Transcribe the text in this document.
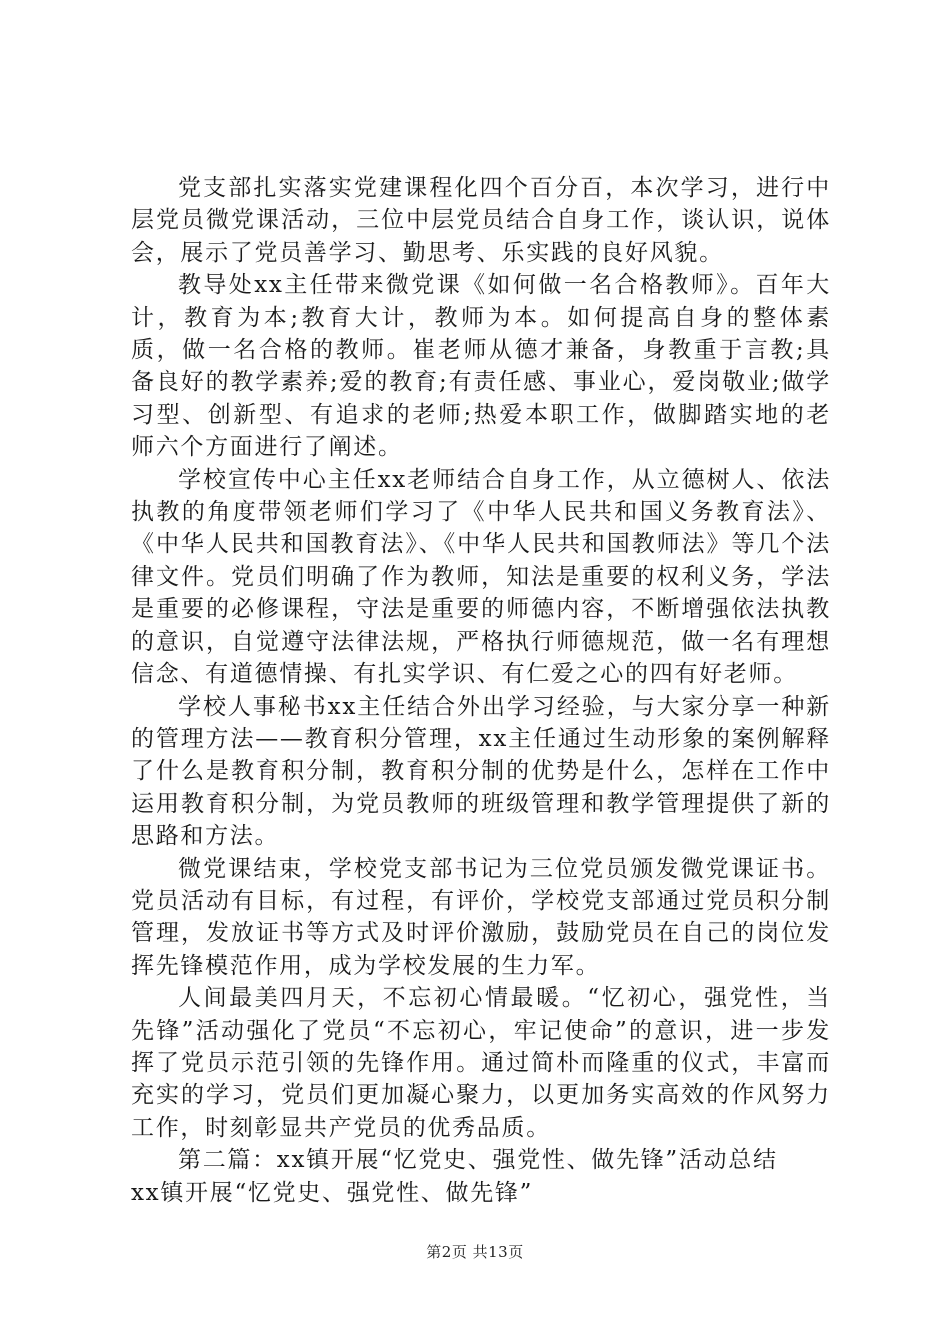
党支部扎实落实党建课程化四个百分百，本次学习，进行中层党员微党课活动，三位中层党员结合自身工作，谈认识，说体会，展示了党员善学习、勤思考、乐实践的良好风貌。

教导处xx主任带来微党课《如何做一名合格教师》。百年大计，教育为本;教育大计，教师为本。如何提高自身的整体素质，做一名合格的教师。崔老师从德才兼备，身教重于言教;具备良好的教学素养;爱的教育;有责任感、事业心，爱岗敬业;做学习型、创新型、有追求的老师;热爱本职工作，做脚踏实地的老师六个方面进行了阐述。

学校宣传中心主任xx老师结合自身工作，从立德树人、依法执教的角度带领老师们学习了《中华人民共和国义务教育法》、《中华人民共和国教育法》、《中华人民共和国教师法》等几个法律文件。党员们明确了作为教师，知法是重要的权利义务，学法是重要的必修课程，守法是重要的师德内容，不断增强依法执教的意识，自觉遵守法律法规，严格执行师德规范，做一名有理想信念、有道德情操、有扎实学识、有仁爱之心的四有好老师。

学校人事秘书xx主任结合外出学习经验，与大家分享一种新的管理方法——教育积分管理，xx主任通过生动形象的案例解释了什么是教育积分制，教育积分制的优势是什么，怎样在工作中运用教育积分制，为党员教师的班级管理和教学管理提供了新的思路和方法。

微党课结束，学校党支部书记为三位党员颁发微党课证书。党员活动有目标，有过程，有评价，学校党支部通过党员积分制管理，发放证书等方式及时评价激励，鼓励党员在自己的岗位发挥先锋模范作用，成为学校发展的生力军。

人间最美四月天，不忘初心情最暖。“忆初心，强党性，当先锋”活动强化了党员“不忘初心，牢记使命”的意识，进一步发挥了党员示范引领的先锋作用。通过简朴而隆重的仪式，丰富而充实的学习，党员们更加凝心聚力，以更加务实高效的作风努力工作，时刻彰显共产党员的优秀品质。

第二篇：xx镇开展“忆党史、强党性、做先锋”活动总结

xx镇开展“忆党史、强党性、做先锋”

第2页 共13页
